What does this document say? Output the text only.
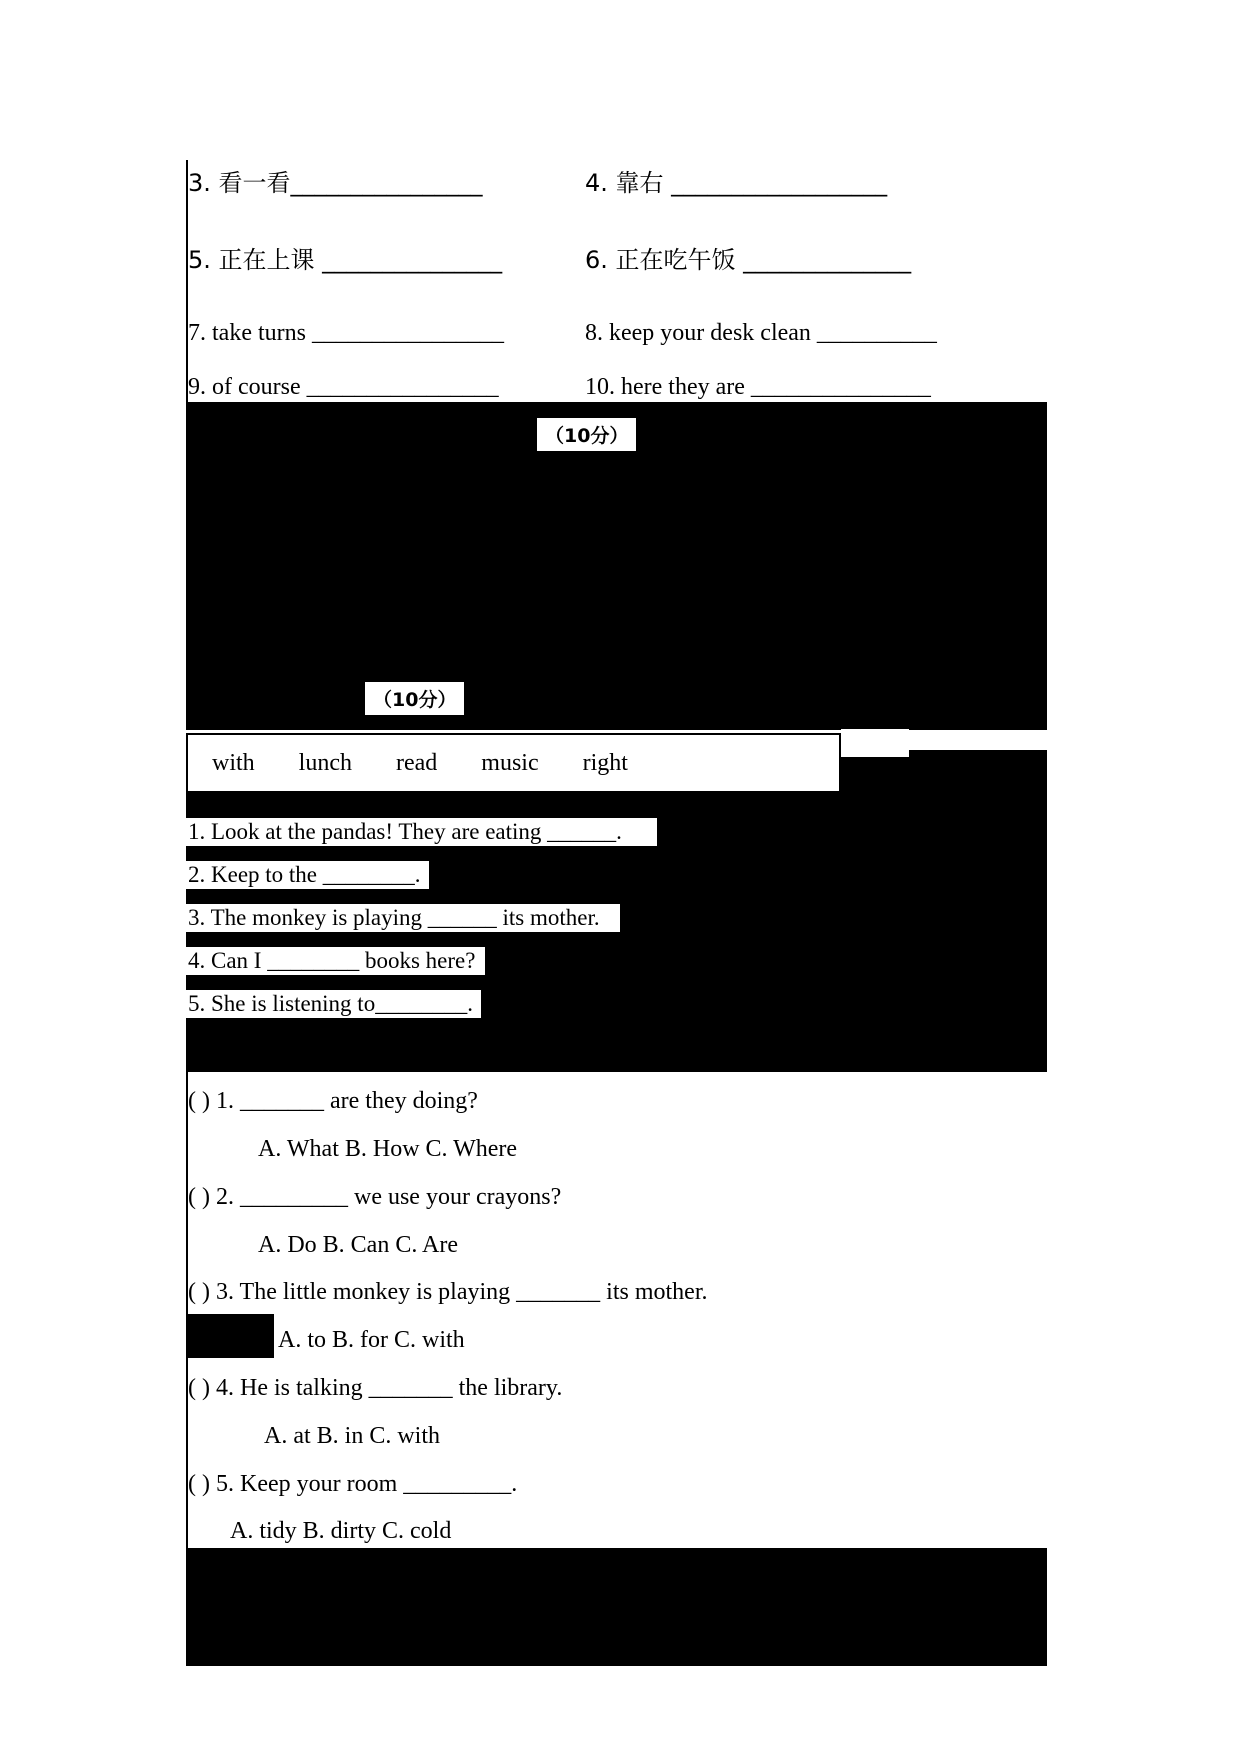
3. 看一看________________	4. 靠右 __________________
5. 正在上课 _______________	6. 正在吃午饭 ______________
7. take turns ________________	8. keep your desk clean __________
9. of course ________________	10. here they are _______________
（10分）
（10分）
with lunch read music right
1. Look at the pandas! They are eating ______.
2. Keep to the ________.
3. The monkey is playing ______ its mother.
4. Can I ________ books here?
5. She is listening to________.
( ) 1. _______ are they doing?
A. What B. How C. Where
( ) 2. _________ we use your crayons?
A. Do B. Can C. Are
( ) 3. The little monkey is playing _______ its mother.
A. to B. for C. with
( ) 4. He is talking _______ the library.
A. at B. in C. with
( ) 5. Keep your room _________.
A. tidy B. dirty C. cold
